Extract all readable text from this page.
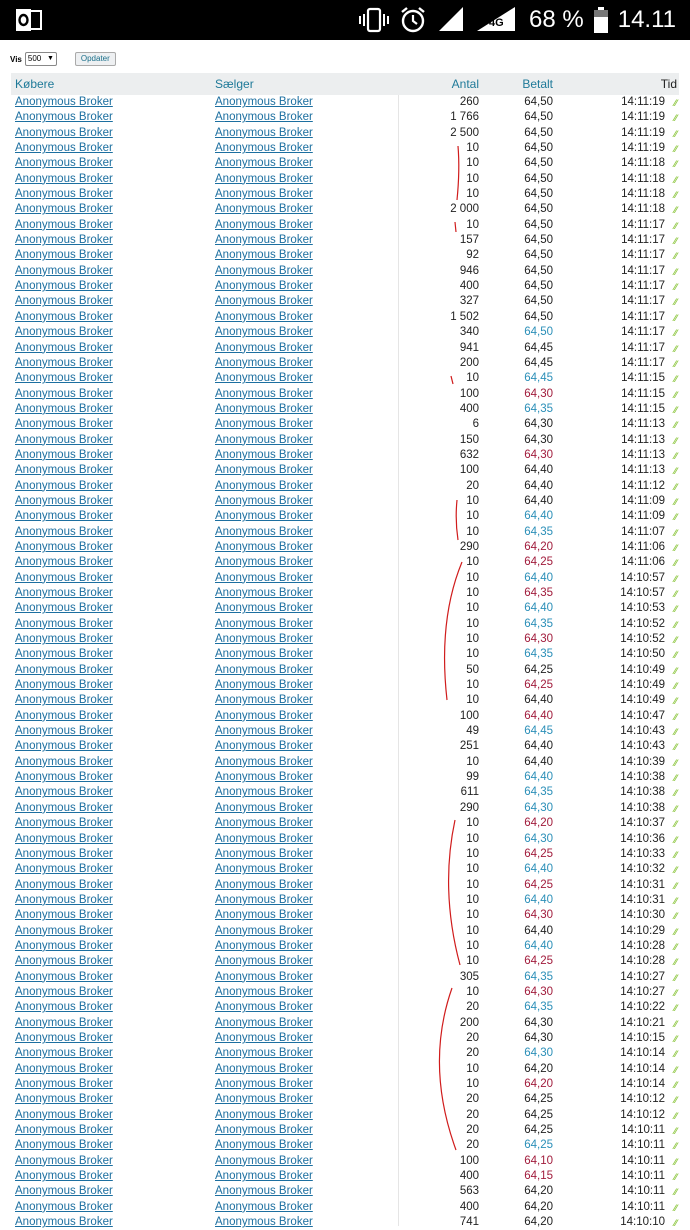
4G 68 % 14.11
Vis 500 ▼	Opdater
Købere	Sælger	Antal	Betalt	Tid
Anonymous Broker	Anonymous Broker	260	64,50	14:11:19 ⁄⁄
Anonymous Broker	Anonymous Broker	1 766	64,50	14:11:19 ⁄⁄
Anonymous Broker	Anonymous Broker	2 500	64,50	14:11:19 ⁄⁄
Anonymous Broker	Anonymous Broker	10	64,50	14:11:19 ⁄⁄
Anonymous Broker	Anonymous Broker	10	64,50	14:11:18 ⁄⁄
Anonymous Broker	Anonymous Broker	10	64,50	14:11:18 ⁄⁄
Anonymous Broker	Anonymous Broker	10	64,50	14:11:18 ⁄⁄
Anonymous Broker	Anonymous Broker	2 000	64,50	14:11:18 ⁄⁄
Anonymous Broker	Anonymous Broker	10	64,50	14:11:17 ⁄⁄
Anonymous Broker	Anonymous Broker	157	64,50	14:11:17 ⁄⁄
Anonymous Broker	Anonymous Broker	92	64,50	14:11:17 ⁄⁄
Anonymous Broker	Anonymous Broker	946	64,50	14:11:17 ⁄⁄
Anonymous Broker	Anonymous Broker	400	64,50	14:11:17 ⁄⁄
Anonymous Broker	Anonymous Broker	327	64,50	14:11:17 ⁄⁄
Anonymous Broker	Anonymous Broker	1 502	64,50	14:11:17 ⁄⁄
Anonymous Broker	Anonymous Broker	340	64,50	14:11:17 ⁄⁄
Anonymous Broker	Anonymous Broker	941	64,45	14:11:17 ⁄⁄
Anonymous Broker	Anonymous Broker	200	64,45	14:11:17 ⁄⁄
Anonymous Broker	Anonymous Broker	10	64,45	14:11:15 ⁄⁄
Anonymous Broker	Anonymous Broker	100	64,30	14:11:15 ⁄⁄
Anonymous Broker	Anonymous Broker	400	64,35	14:11:15 ⁄⁄
Anonymous Broker	Anonymous Broker	6	64,30	14:11:13 ⁄⁄
Anonymous Broker	Anonymous Broker	150	64,30	14:11:13 ⁄⁄
Anonymous Broker	Anonymous Broker	632	64,30	14:11:13 ⁄⁄
Anonymous Broker	Anonymous Broker	100	64,40	14:11:13 ⁄⁄
Anonymous Broker	Anonymous Broker	20	64,40	14:11:12 ⁄⁄
Anonymous Broker	Anonymous Broker	10	64,40	14:11:09 ⁄⁄
Anonymous Broker	Anonymous Broker	10	64,40	14:11:09 ⁄⁄
Anonymous Broker	Anonymous Broker	10	64,35	14:11:07 ⁄⁄
Anonymous Broker	Anonymous Broker	290	64,20	14:11:06 ⁄⁄
Anonymous Broker	Anonymous Broker	10	64,25	14:11:06 ⁄⁄
Anonymous Broker	Anonymous Broker	10	64,40	14:10:57 ⁄⁄
Anonymous Broker	Anonymous Broker	10	64,35	14:10:57 ⁄⁄
Anonymous Broker	Anonymous Broker	10	64,40	14:10:53 ⁄⁄
Anonymous Broker	Anonymous Broker	10	64,35	14:10:52 ⁄⁄
Anonymous Broker	Anonymous Broker	10	64,30	14:10:52 ⁄⁄
Anonymous Broker	Anonymous Broker	10	64,35	14:10:50 ⁄⁄
Anonymous Broker	Anonymous Broker	50	64,25	14:10:49 ⁄⁄
Anonymous Broker	Anonymous Broker	10	64,25	14:10:49 ⁄⁄
Anonymous Broker	Anonymous Broker	10	64,40	14:10:49 ⁄⁄
Anonymous Broker	Anonymous Broker	100	64,40	14:10:47 ⁄⁄
Anonymous Broker	Anonymous Broker	49	64,45	14:10:43 ⁄⁄
Anonymous Broker	Anonymous Broker	251	64,40	14:10:43 ⁄⁄
Anonymous Broker	Anonymous Broker	10	64,40	14:10:39 ⁄⁄
Anonymous Broker	Anonymous Broker	99	64,40	14:10:38 ⁄⁄
Anonymous Broker	Anonymous Broker	611	64,35	14:10:38 ⁄⁄
Anonymous Broker	Anonymous Broker	290	64,30	14:10:38 ⁄⁄
Anonymous Broker	Anonymous Broker	10	64,20	14:10:37 ⁄⁄
Anonymous Broker	Anonymous Broker	10	64,30	14:10:36 ⁄⁄
Anonymous Broker	Anonymous Broker	10	64,25	14:10:33 ⁄⁄
Anonymous Broker	Anonymous Broker	10	64,40	14:10:32 ⁄⁄
Anonymous Broker	Anonymous Broker	10	64,25	14:10:31 ⁄⁄
Anonymous Broker	Anonymous Broker	10	64,40	14:10:31 ⁄⁄
Anonymous Broker	Anonymous Broker	10	64,30	14:10:30 ⁄⁄
Anonymous Broker	Anonymous Broker	10	64,40	14:10:29 ⁄⁄
Anonymous Broker	Anonymous Broker	10	64,40	14:10:28 ⁄⁄
Anonymous Broker	Anonymous Broker	10	64,25	14:10:28 ⁄⁄
Anonymous Broker	Anonymous Broker	305	64,35	14:10:27 ⁄⁄
Anonymous Broker	Anonymous Broker	10	64,30	14:10:27 ⁄⁄
Anonymous Broker	Anonymous Broker	20	64,35	14:10:22 ⁄⁄
Anonymous Broker	Anonymous Broker	200	64,30	14:10:21 ⁄⁄
Anonymous Broker	Anonymous Broker	20	64,30	14:10:15 ⁄⁄
Anonymous Broker	Anonymous Broker	20	64,30	14:10:14 ⁄⁄
Anonymous Broker	Anonymous Broker	10	64,20	14:10:14 ⁄⁄
Anonymous Broker	Anonymous Broker	10	64,20	14:10:14 ⁄⁄
Anonymous Broker	Anonymous Broker	20	64,25	14:10:12 ⁄⁄
Anonymous Broker	Anonymous Broker	20	64,25	14:10:12 ⁄⁄
Anonymous Broker	Anonymous Broker	20	64,25	14:10:11 ⁄⁄
Anonymous Broker	Anonymous Broker	20	64,25	14:10:11 ⁄⁄
Anonymous Broker	Anonymous Broker	100	64,10	14:10:11 ⁄⁄
Anonymous Broker	Anonymous Broker	400	64,15	14:10:11 ⁄⁄
Anonymous Broker	Anonymous Broker	563	64,20	14:10:11 ⁄⁄
Anonymous Broker	Anonymous Broker	400	64,20	14:10:11 ⁄⁄
Anonymous Broker	Anonymous Broker	741	64,20	14:10:10 ⁄⁄
